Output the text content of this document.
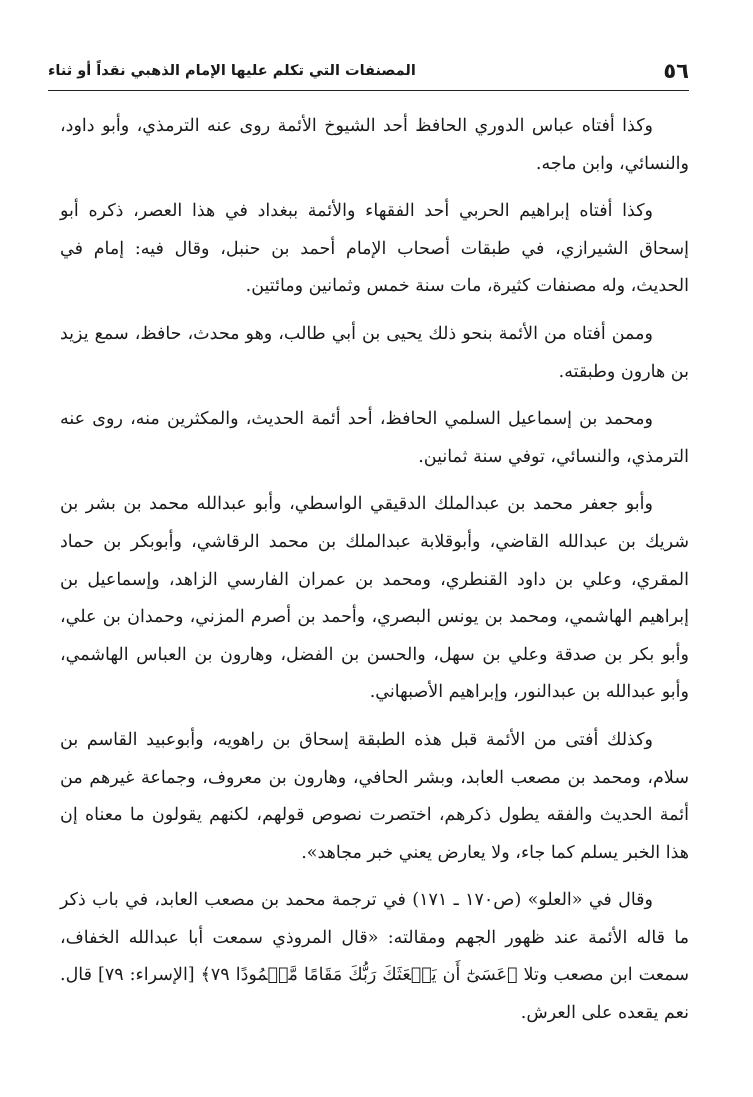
٥٦
المصنفات التي تكلم عليها الإمام الذهبي نقداً أو ثناء

وكذا أفتاه عباس الدوري الحافظ أحد الشيوخ الأئمة روى عنه الترمذي، وأبو داود، والنسائي، وابن ماجه.

وكذا أفتاه إبراهيم الحربي أحد الفقهاء والأئمة ببغداد في هذا العصر، ذكره أبو إسحاق الشيرازي، في طبقات أصحاب الإمام أحمد بن حنبل، وقال فيه: إمام في الحديث، وله مصنفات كثيرة، مات سنة خمس وثمانين ومائتين.

وممن أفتاه من الأئمة بنحو ذلك يحيى بن أبي طالب، وهو محدث، حافظ، سمع يزيد بن هارون وطبقته.

ومحمد بن إسماعيل السلمي الحافظ، أحد أئمة الحديث، والمكثرين منه، روى عنه الترمذي، والنسائي، توفي سنة ثمانين.

وأبو جعفر محمد بن عبدالملك الدقيقي الواسطي، وأبو عبدالله محمد بن بشر بن شريك بن عبدالله القاضي، وأبوقلابة عبدالملك بن محمد الرقاشي، وأبوبكر بن حماد المقري، وعلي بن داود القنطري، ومحمد بن عمران الفارسي الزاهد، وإسماعيل بن إبراهيم الهاشمي، ومحمد بن يونس البصري، وأحمد بن أصرم المزني، وحمدان بن علي، وأبو بكر بن صدقة وعلي بن سهل، والحسن بن الفضل، وهارون بن العباس الهاشمي، وأبو عبدالله بن عبدالنور، وإبراهيم الأصبهاني.

وكذلك أفتى من الأئمة قبل هذه الطبقة إسحاق بن راهويه، وأبوعبيد القاسم بن سلام، ومحمد بن مصعب العابد، وبشر الحافي، وهارون بن معروف، وجماعة غيرهم من أئمة الحديث والفقه يطول ذكرهم، اختصرت نصوص قولهم، لكنهم يقولون ما معناه إن هذا الخبر يسلم كما جاء، ولا يعارض يعني خبر مجاهد».

وقال في «العلو» (ص١٧٠ ـ ١٧١) في ترجمة محمد بن مصعب العابد، في باب ذكر ما قاله الأئمة عند ظهور الجهم ومقالته: «قال المروذي سمعت أبا عبدالله الخفاف، سمعت ابن مصعب وتلا ﴿عَسَىٰٓ أَن يَبۡعَثَكَ رَبُّكَ مَقَامًا مَّحۡمُودًا ٧٩﴾ [الإسراء: ٧٩] قال. نعم يقعده على العرش.
